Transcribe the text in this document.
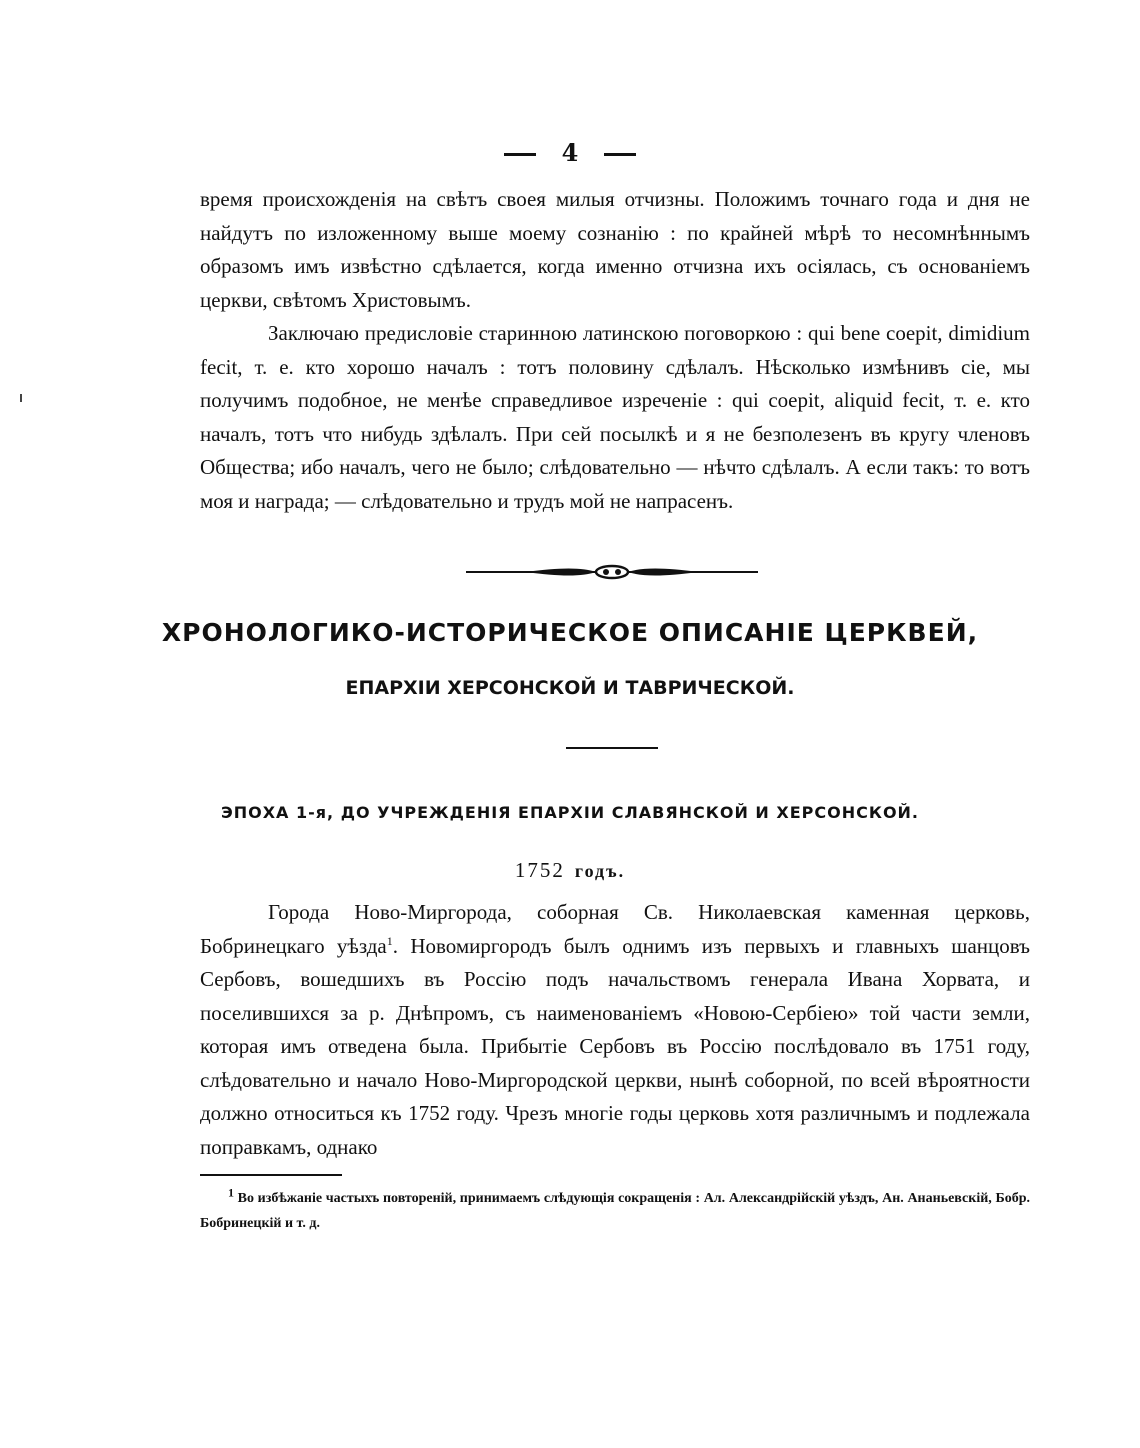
4

время происхожденія на свѣтъ своея милыя отчизны. Положимъ точнаго года и дня не найдутъ по изложенному выше моему сознанію : по крайней мѣрѣ то несомнѣннымъ образомъ имъ извѣстно сдѣлается, когда именно отчизна ихъ осіялась, съ основаніемъ церкви, свѣтомъ Христовымъ.

Заключаю предисловіе старинною латинскою поговоркою : qui bene coepit, dimidium fecit, т. е. кто хорошо началъ : тотъ половину сдѣлалъ. Нѣсколько измѣнивъ сіе, мы получимъ подобное, не менѣе справедливое изреченіе : qui coepit, aliquid fecit, т. е. кто началъ, тотъ что нибудь здѣлалъ. При сей посылкѣ и я не безполезенъ въ кругу членовъ Общества; ибо началъ, чего не было; слѣдовательно — нѣчто сдѣлалъ. А если такъ: то вотъ моя и награда; — слѣдовательно и трудъ мой не напрасенъ.

ХРОНОЛОГИКО-ИСТОРИЧЕСКОЕ ОПИСАНІЕ ЦЕРКВЕЙ,
ЕПАРХІИ ХЕРСОНСКОЙ И ТАВРИЧЕСКОЙ.
ЭПОХА 1-я, ДО УЧРЕЖДЕНІЯ ЕПАРХІИ СЛАВЯНСКОЙ И ХЕРСОНСКОЙ.
1752 годъ.

Города Ново-Миргорода, соборная Св. Николаевская каменная церковь, Бобринецкаго уѣзда$^1$. Новомиргородъ былъ однимъ изъ первыхъ и главныхъ шанцовъ Сербовъ, вошедшихъ въ Россію подъ начальствомъ генерала Ивана Хорвата, и поселившихся за р. Днѣпромъ, съ наименованіемъ «Новою-Сербіею» той части земли, которая имъ отведена была. Прибытіе Сербовъ въ Россію послѣдовало въ 1751 году, слѣдовательно и начало Ново-Миргородской церкви, нынѣ соборной, по всей вѣроятности должно относиться къ 1752 году. Чрезъ многіе годы церковь хотя различнымъ и подлежала поправкамъ, однако

$^1$ Во избѣжаніе частыхъ повтореній, принимаемъ слѣдующія сокращенія : Ал. Александрійскій уѣздъ, Ан. Ананьевскій, Бобр. Бобринецкій и т. д.
